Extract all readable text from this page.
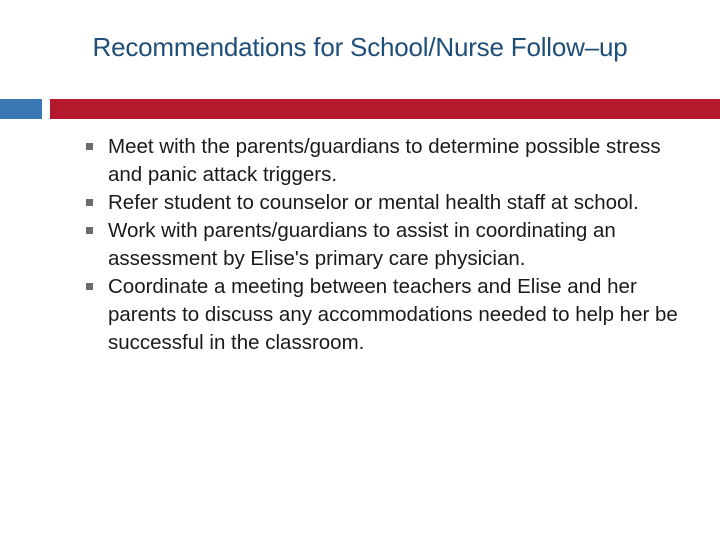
Recommendations for School/Nurse Follow–up
Meet with the parents/guardians to determine possible stress and panic attack triggers.
Refer student to counselor or mental health staff at school.
Work with parents/guardians to assist in coordinating an assessment by Elise's primary care physician.
Coordinate a meeting between teachers and Elise and her parents to discuss any accommodations needed to help her be successful in the classroom.
